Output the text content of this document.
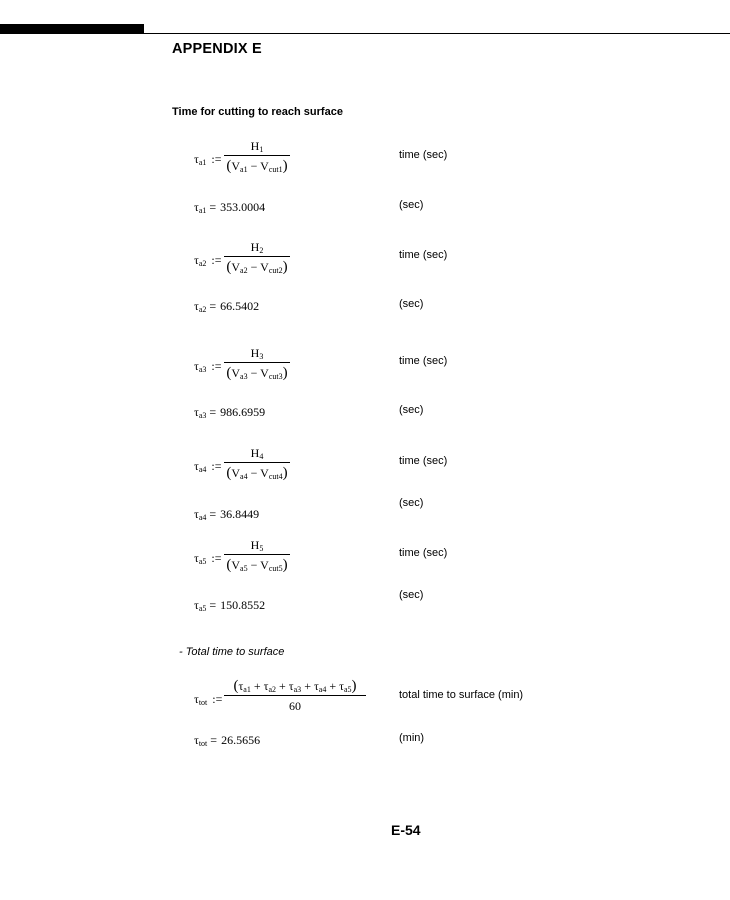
APPENDIX E
Time for cutting to reach surface
$\tau_{a1}$ :=
$H_1$
$(V_{a1} - V_{cut1})$
time (sec)
$\tau_{a1} = 353.0004$	(sec)
$\tau_{a2}$ :=
$H_2$
$(V_{a2} - V_{cut2})$
time (sec)
$\tau_{a2} = 66.5402$	(sec)
$\tau_{a3}$ :=
$H_3$
$(V_{a3} - V_{cut3})$
time (sec)
$\tau_{a3} = 986.6959$	(sec)
$\tau_{a4}$ :=
$H_4$
$(V_{a4} - V_{cut4})$
time (sec)
$\tau_{a4} = 36.8449$
(sec)
$\tau_{a5}$ :=
$H_5$
$(V_{a5} - V_{cut5})$
time (sec)
$\tau_{a5} = 150.8552$
(sec)
- Total time to surface
$\tau_{tot}$ :=
$(\tau_{a1} + \tau_{a2} + \tau_{a3} + \tau_{a4} + \tau_{a5})$
60
total time to surface (min)
$\tau_{tot} = 26.5656$	(min)
E-54
